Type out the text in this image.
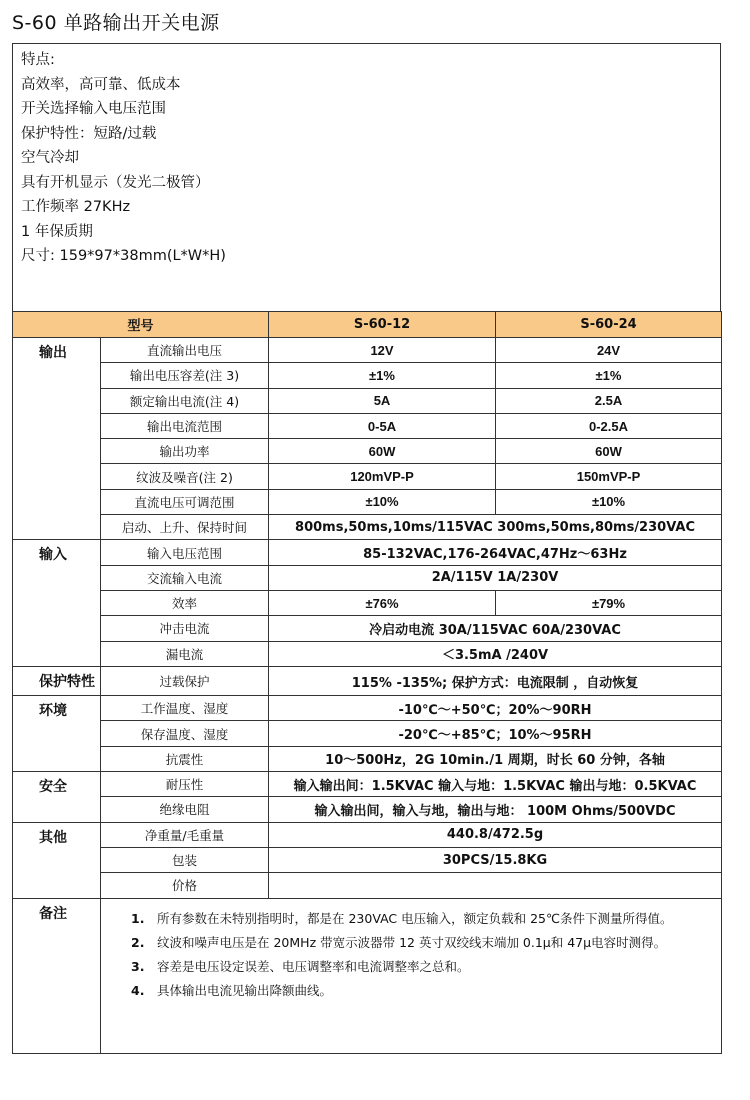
S-60 单路输出开关电源
特点:
高效率，高可靠、低成本
开关选择输入电压范围
保护特性：短路/过载
空气冷却
具有开机显示（发光二极管）
工作频率 27KHz
1 年保质期
尺寸: 159*97*38mm(L*W*H)
型号		S-60-12	S-60-24
输出	直流输出电压	12V	24V
	输出电压容差(注 3)	±1%	±1%
	额定输出电流(注 4)	5A	2.5A
	输出电流范围	0-5A	0-2.5A
	输出功率	60W	60W
	纹波及噪音(注 2)	120mVP-P	150mVP-P
	直流电压可调范围	±10%	±10%
	启动、上升、保持时间	800ms,50ms,10ms/115VAC 300ms,50ms,80ms/230VAC	
输入	输入电压范围	85-132VAC,176-264VAC,47Hz～63Hz	
	交流输入电流	2A/115V 1A/230V	
	效率	±76%	±79%
	冲击电流	冷启动电流 30A/115VAC 60A/230VAC	
	漏电流	＜3.5mA /240V	
保护特性	过载保护	115% -135%; 保护方式：电流限制 ，自动恢复	
环境	工作温度、湿度	-10℃～+50℃；20%～90RH	
	保存温度、湿度	-20℃～+85℃；10%～95RH	
	抗震性	10～500Hz，2G 10min./1 周期，时长 60 分钟，各轴	
安全	耐压性	输入输出间：1.5KVAC 输入与地：1.5KVAC 输出与地：0.5KVAC	
	绝缘电阻	输入输出间，输入与地，输出与地： 100M Ohms/500VDC	
其他	净重量/毛重量	440.8/472.5g	
	包装	30PCS/15.8KG	
	价格		
备注	1. 所有参数在未特别指明时，都是在 230VAC 电压输入，额定负载和 25℃条件下测量所得值。
2. 纹波和噪声电压是在 20MHz 带宽示波器带 12 英寸双绞线末端加 0.1μ和 47μ电容时测得。
3. 容差是电压设定误差、电压调整率和电流调整率之总和。
4. 具体输出电流见输出降额曲线。		
